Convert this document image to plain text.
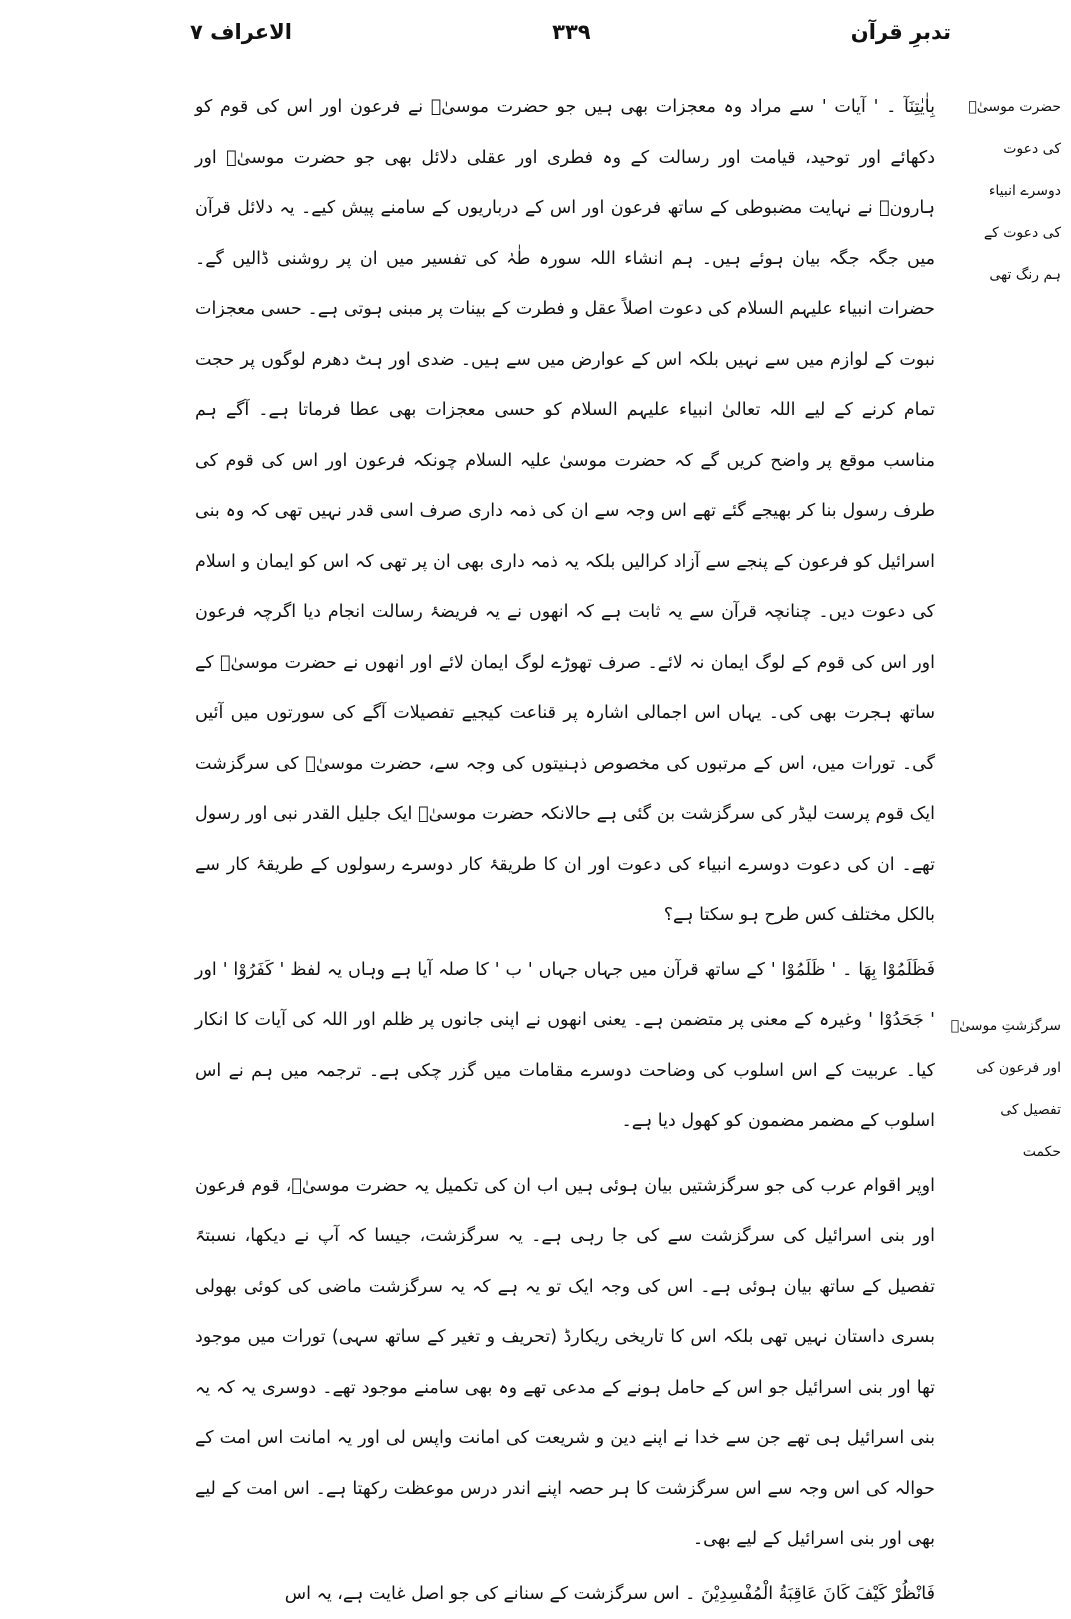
الاعراف ۷	۳۳۹	تدبرِ قرآن
حضرت موسیٰؑ
کی دعوت
دوسرے انبیاء
کی دعوت کے
ہم رنگ تھی
سرگزشتِ موسیٰؑ
اور فرعون کی
تفصیل کی
حکمت

بِاٰیٰتِنَآ ۔ ' آیات ' سے مراد وہ معجزات بھی ہیں جو حضرت موسیٰؑ نے فرعون اور اس کی قوم کو دکھائے اور توحید، قیامت اور رسالت کے وہ فطری اور عقلی دلائل بھی جو حضرت موسیٰؑ اور ہارونؑ نے نہایت مضبوطی کے ساتھ فرعون اور اس کے درباریوں کے سامنے پیش کیے۔ یہ دلائل قرآن میں جگہ جگہ بیان ہوئے ہیں۔ ہم انشاء اللہ سورہ طٰہٰ کی تفسیر میں ان پر روشنی ڈالیں گے۔ حضرات انبیاء علیہم السلام کی دعوت اصلاً عقل و فطرت کے بینات پر مبنی ہوتی ہے۔ حسی معجزات نبوت کے لوازم میں سے نہیں بلکہ اس کے عوارض میں سے ہیں۔ ضدی اور ہٹ دھرم لوگوں پر حجت تمام کرنے کے لیے اللہ تعالیٰ انبیاء علیہم السلام کو حسی معجزات بھی عطا فرماتا ہے۔ آگے ہم مناسب موقع پر واضح کریں گے کہ حضرت موسیٰ علیہ السلام چونکہ فرعون اور اس کی قوم کی طرف رسول بنا کر بھیجے گئے تھے اس وجہ سے ان کی ذمہ داری صرف اسی قدر نہیں تھی کہ وہ بنی اسرائیل کو فرعون کے پنجے سے آزاد کرالیں بلکہ یہ ذمہ داری بھی ان پر تھی کہ اس کو ایمان و اسلام کی دعوت دیں۔ چنانچہ قرآن سے یہ ثابت ہے کہ انھوں نے یہ فریضۂ رسالت انجام دیا اگرچہ فرعون اور اس کی قوم کے لوگ ایمان نہ لائے۔ صرف تھوڑے لوگ ایمان لائے اور انھوں نے حضرت موسیٰؑ کے ساتھ ہجرت بھی کی۔ یہاں اس اجمالی اشارہ پر قناعت کیجیے تفصیلات آگے کی سورتوں میں آئیں گی۔ تورات میں، اس کے مرتبوں کی مخصوص ذہنیتوں کی وجہ سے، حضرت موسیٰؑ کی سرگزشت ایک قوم پرست لیڈر کی سرگزشت بن گئی ہے حالانکہ حضرت موسیٰؑ ایک جلیل القدر نبی اور رسول تھے۔ ان کی دعوت دوسرے انبیاء کی دعوت اور ان کا طریقۂ کار دوسرے رسولوں کے طریقۂ کار سے بالکل مختلف کس طرح ہو سکتا ہے؟

فَظَلَمُوْا بِهَا ۔ ' ظَلَمُوْا ' کے ساتھ قرآن میں جہاں جہاں ' ب ' کا صلہ آیا ہے وہاں یہ لفظ ' کَفَرُوْا ' اور ' جَحَدُوْا ' وغیرہ کے معنی پر متضمن ہے۔ یعنی انھوں نے اپنی جانوں پر ظلم اور اللہ کی آیات کا انکار کیا۔ عربیت کے اس اسلوب کی وضاحت دوسرے مقامات میں گزر چکی ہے۔ ترجمہ میں ہم نے اس اسلوب کے مضمر مضمون کو کھول دیا ہے۔

اوپر اقوام عرب کی جو سرگزشتیں بیان ہوئی ہیں اب ان کی تکمیل یہ حضرت موسیٰؑ، قوم فرعون اور بنی اسرائیل کی سرگزشت سے کی جا رہی ہے۔ یہ سرگزشت، جیسا کہ آپ نے دیکھا، نسبتہً تفصیل کے ساتھ بیان ہوئی ہے۔ اس کی وجہ ایک تو یہ ہے کہ یہ سرگزشت ماضی کی کوئی بھولی بسری داستان نہیں تھی بلکہ اس کا تاریخی ریکارڈ (تحریف و تغیر کے ساتھ سہی) تورات میں موجود تھا اور بنی اسرائیل جو اس کے حامل ہونے کے مدعی تھے وہ بھی سامنے موجود تھے۔ دوسری یہ کہ یہ بنی اسرائیل ہی تھے جن سے خدا نے اپنے دین و شریعت کی امانت واپس لی اور یہ امانت اس امت کے حوالہ کی اس وجہ سے اس سرگزشت کا ہر حصہ اپنے اندر درس موعظت رکھتا ہے۔ اس امت کے لیے بھی اور بنی اسرائیل کے لیے بھی۔

فَانْظُرْ كَيْفَ كَانَ عَاقِبَةُ الْمُفْسِدِيْنَ ۔ اس سرگزشت کے سنانے کی جو اصل غایت ہے، یہ اس
